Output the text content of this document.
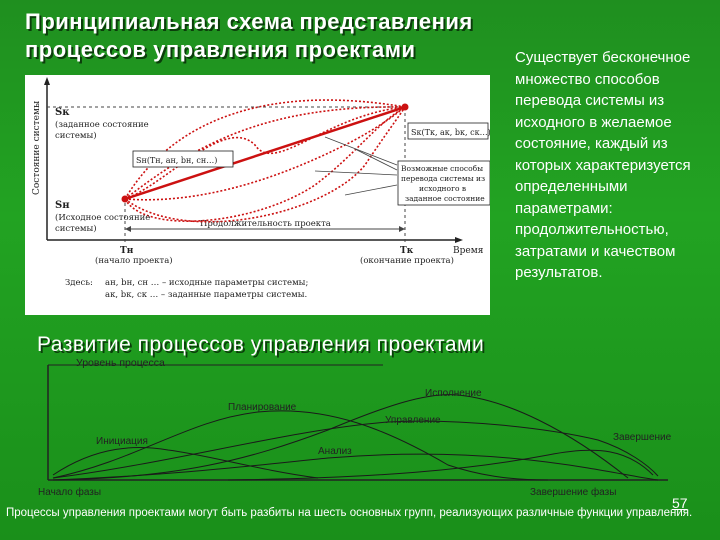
Принципиальная схема представления процессов управления проектами
Состояние системы
Время
Продолжительность проекта
Sк
(заданное состояние
системы)
Sн
(Исходное состояние
системы)
Sк(Tк, aк, bк, cк…)
Sн(Tн, aн, bн, cн…)
Возможные способы
перевода системы из
исходного в
заданное состояние
Tн
(начало проекта)
Tк
(окончание проекта)
Здесь: aн, bн, cн … – исходные параметры системы;
aк, bк, cк … – заданные параметры системы.
Существует бесконечное множество способов перевода системы из исходного в желаемое состояние, каждый из которых характеризуется определенными параметрами: продолжительностью, затратами и качеством результатов.
Развитие процессов управления проектами
Уровень процесса
Инициация
Планирование
Исполнение
Управление
Анализ
Завершение
Начало фазы	Завершение фазы
57
Процессы управления проектами могут быть разбиты на шесть основных групп, реализующих различные функции управления.
